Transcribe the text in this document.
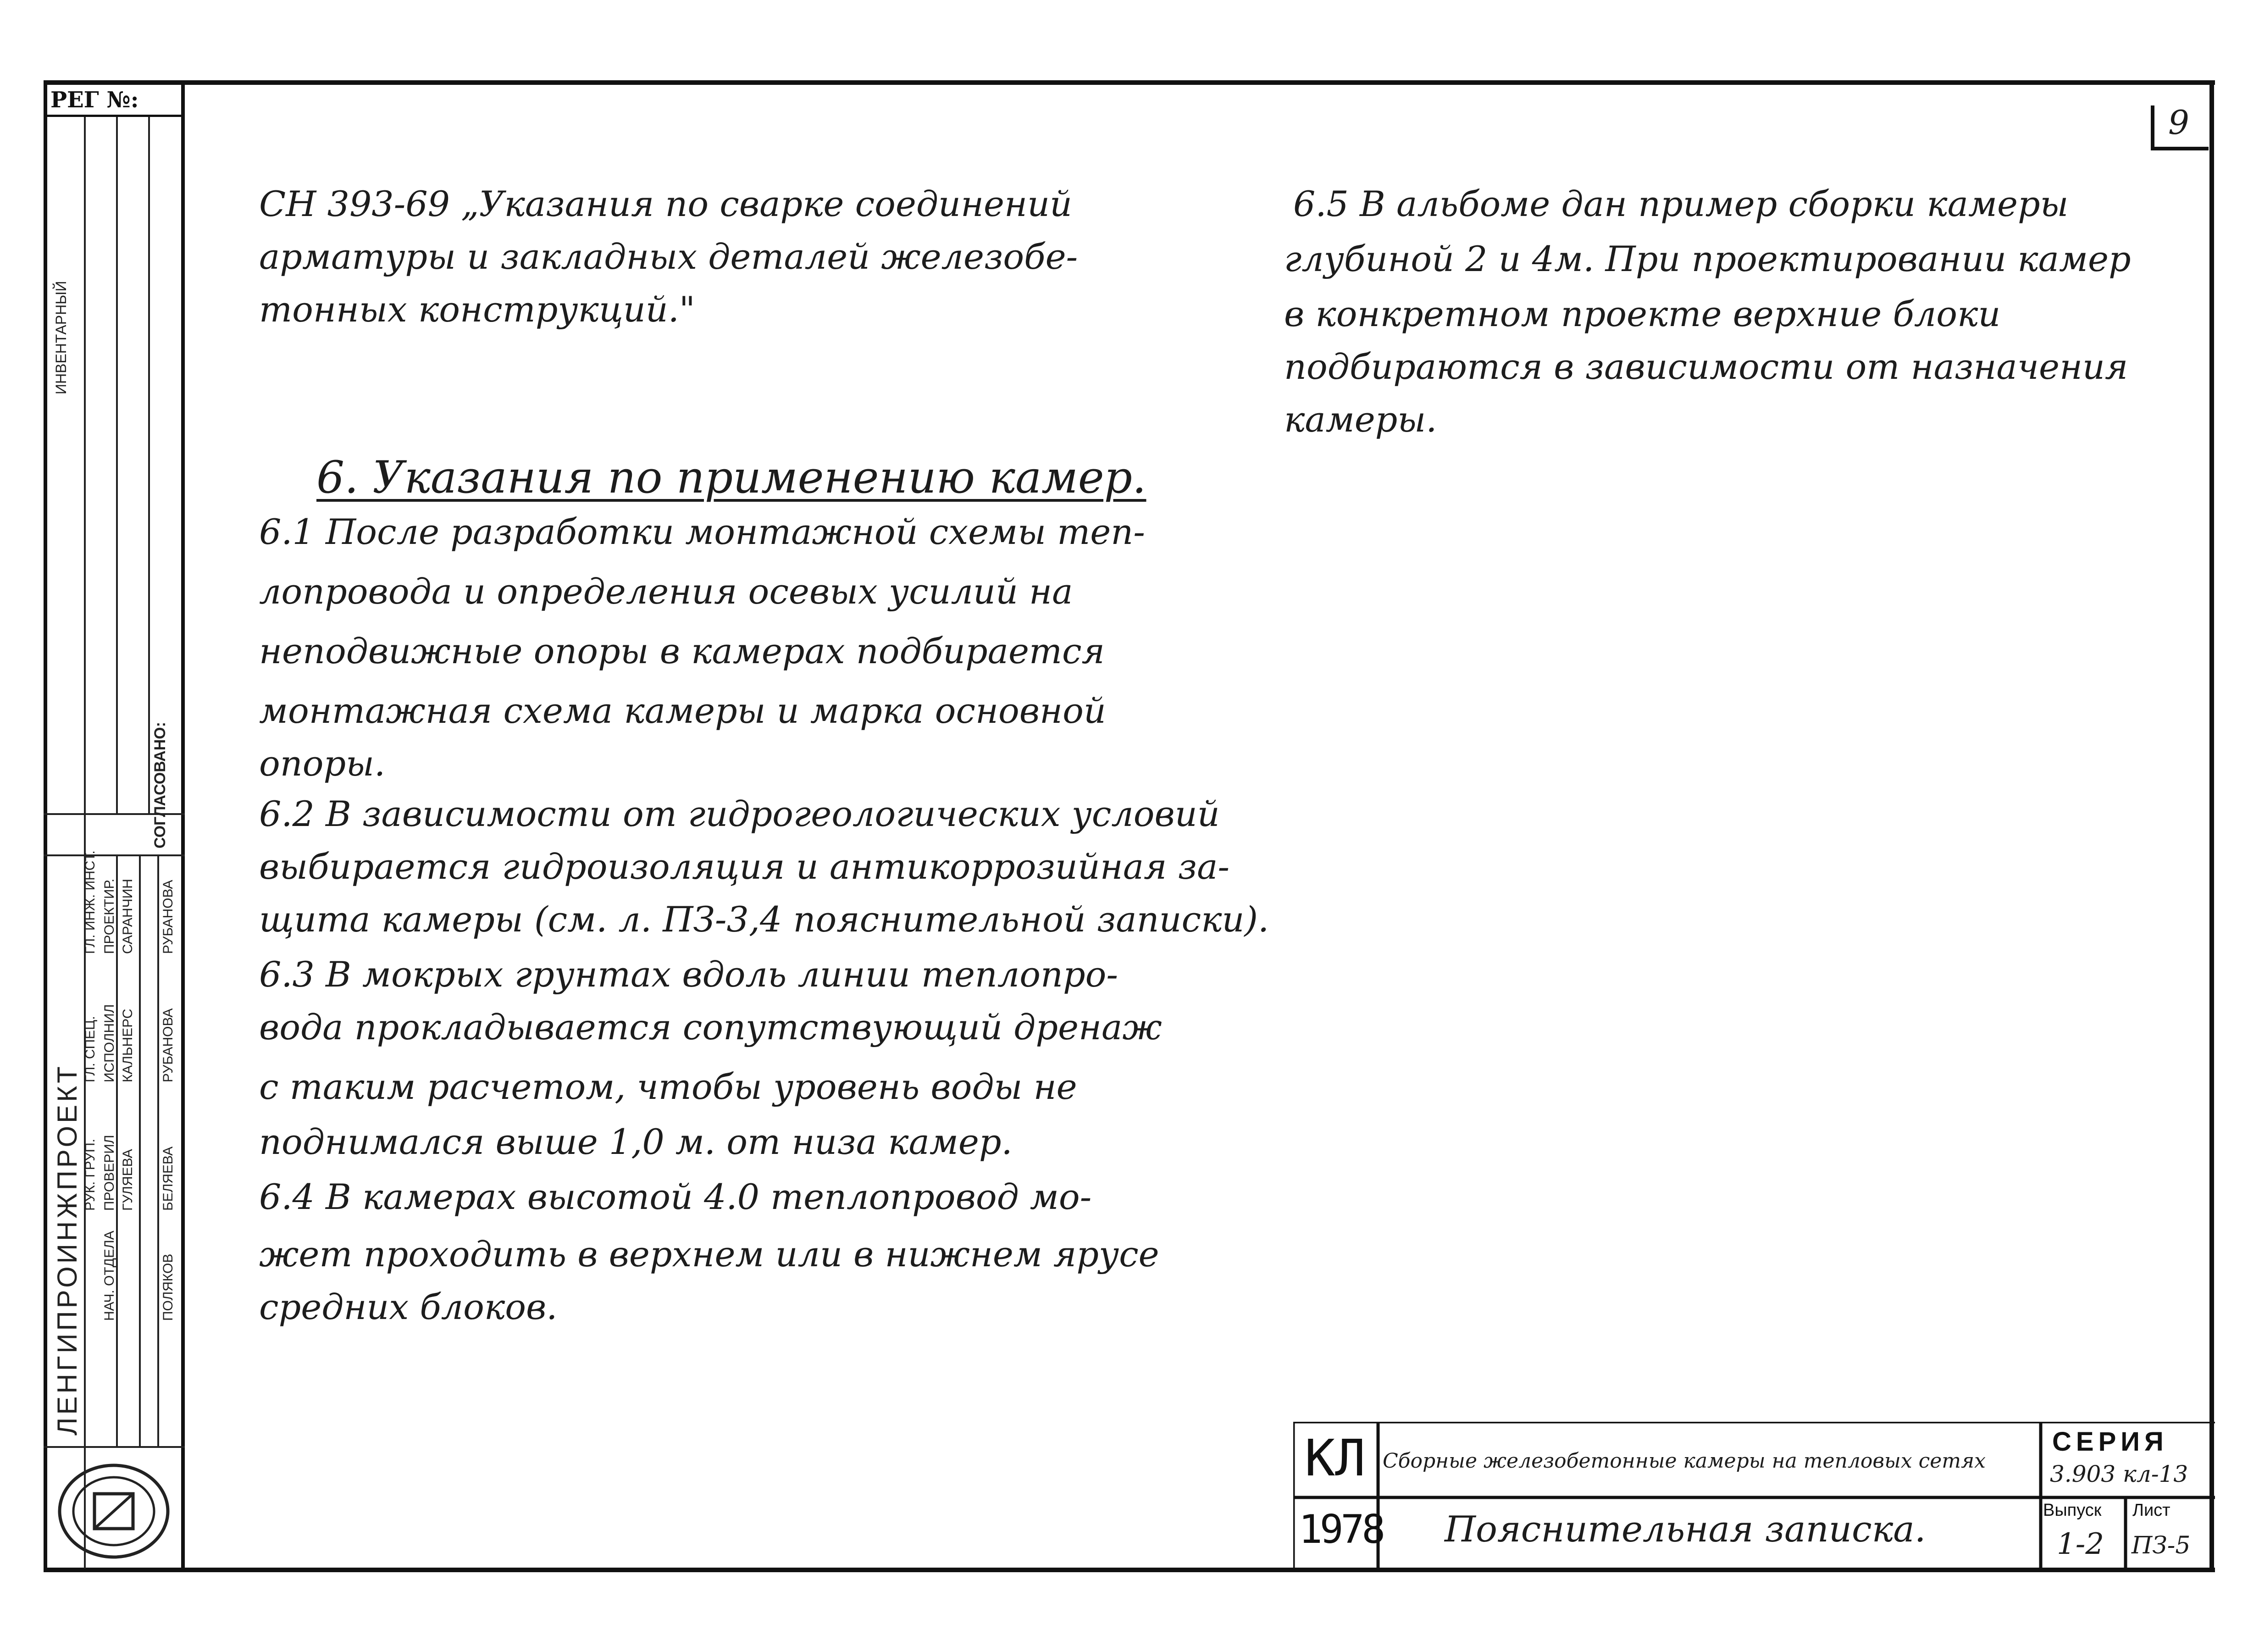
РЕГ №:
ЛЕНГИПРОИНЖПРОЕКТ
СОГЛАСОВАНО:
ИНВЕНТАРНЫЙ
ГЛ. ИНЖ. ИНСТ. САРАНЧИН
ГЛ. СПЕЦ. КАЛЬНЕРС
РУК. ГРУП. ГУЛЯЕВА
ПРОЕКТИР.	РУБАНОВА
ИСПОЛНИЛ	РУБАНОВА
ПРОВЕРИЛ	БЕЛЯЕВА
НАЧ. ОТДЕЛА	ПОЛЯКОВ
9
СН 393-69 „Указания по сварке соединений
арматуры и закладных деталей железобе-
тонных конструкций."
6. Указания по применению камер.
6.1 После разработки монтажной схемы теп-
лопровода и определения осевых усилий на
неподвижные опоры в камерах подбирается
монтажная схема камеры и марка основной
опоры.
6.2 В зависимости от гидрогеологических условий
выбирается гидроизоляция и антикоррозийная за-
щита камеры (см. л. ПЗ-3,4 пояснительной записки).
6.3 В мокрых грунтах вдоль линии теплопро-
вода прокладывается сопутствующий дренаж
с таким расчетом, чтобы уровень воды не
поднимался выше 1,0 м. от низа камер.
6.4 В камерах высотой 4.0 теплопровод мо-
жет проходить в верхнем или в нижнем ярусе
средних блоков.
6.5 В альбоме дан пример сборки камеры
глубиной 2 и 4м. При проектировании камер
в конкретном проекте верхние блоки
подбираются в зависимости от назначения
камеры.
КЛ
1978
Сборные железобетонные камеры на тепловых сетях
Пояснительная записка.
СЕРИЯ
3.903 кл-13
Выпуск
1-2
Лист
ПЗ-5
